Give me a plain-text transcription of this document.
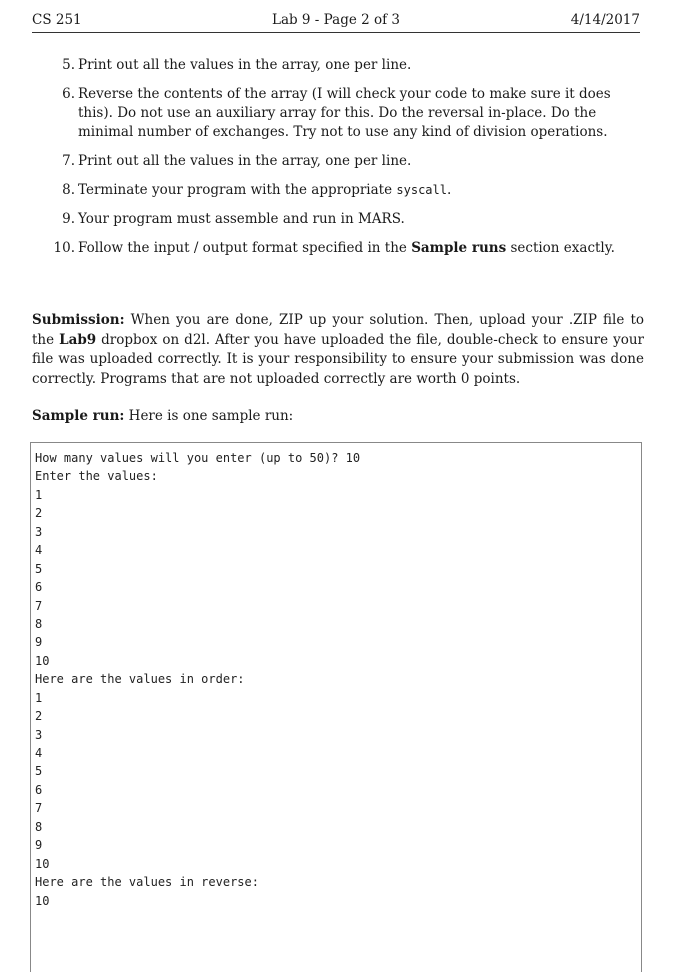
CS 251	Lab 9 - Page 2 of 3	4/14/2017
5. Print out all the values in the array, one per line.
6. Reverse the contents of the array (I will check your code to make sure it does this). Do not use an auxiliary array for this. Do the reversal in-place. Do the minimal number of exchanges. Try not to use any kind of division operations.
7. Print out all the values in the array, one per line.
8. Terminate your program with the appropriate syscall.
9. Your program must assemble and run in MARS.
10. Follow the input / output format specified in the Sample runs section exactly.

Submission: When you are done, ZIP up your solution. Then, upload your .ZIP file to the Lab9 dropbox on d2l. After you have uploaded the file, double-check to ensure your file was uploaded correctly. It is your responsibility to ensure your submission was done correctly. Programs that are not uploaded correctly are worth 0 points.

Sample run: Here is one sample run:
How many values will you enter (up to 50)? 10
Enter the values:
1
2
3
4
5
6
7
8
9
10
Here are the values in order:
1
2
3
4
5
6
7
8
9
10
Here are the values in reverse:
10
